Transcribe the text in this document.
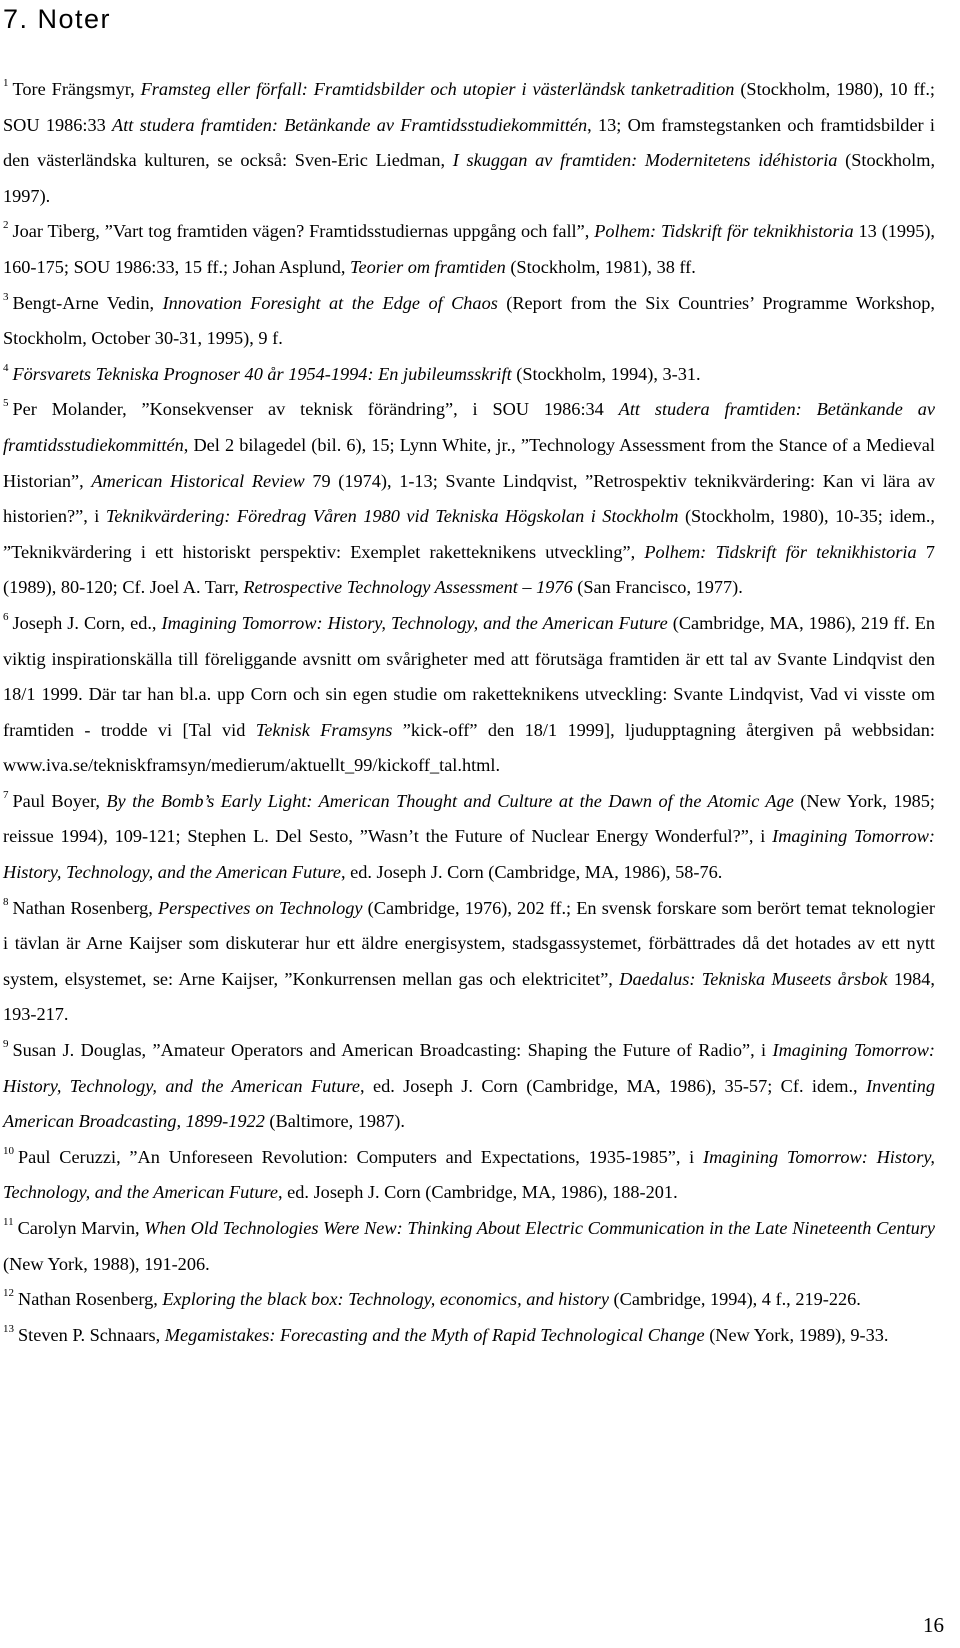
7. Noter

$^1$ Tore Frängsmyr, Framsteg eller förfall: Framtidsbilder och utopier i västerländsk tanketradition (Stockholm, 1980), 10 ff.; SOU 1986:33 Att studera framtiden: Betänkande av Framtidsstudiekommittén, 13; Om framstegstanken och framtidsbilder i den västerländska kulturen, se också: Sven-Eric Liedman, I skuggan av framtiden: Modernitetens idéhistoria (Stockholm, 1997).

$^2$ Joar Tiberg, ”Vart tog framtiden vägen? Framtidsstudiernas uppgång och fall”, Polhem: Tidskrift för teknikhistoria 13 (1995), 160-175; SOU 1986:33, 15 ff.; Johan Asplund, Teorier om framtiden (Stockholm, 1981), 38 ff.

$^3$ Bengt-Arne Vedin, Innovation Foresight at the Edge of Chaos (Report from the Six Countries’ Programme Workshop, Stockholm, October 30-31, 1995), 9 f.

$^4$ Försvarets Tekniska Prognoser 40 år 1954-1994: En jubileumsskrift (Stockholm, 1994), 3-31.

$^5$ Per Molander, ”Konsekvenser av teknisk förändring”, i SOU 1986:34 Att studera framtiden: Betänkande av framtidsstudiekommittén, Del 2 bilagedel (bil. 6), 15; Lynn White, jr., ”Technology Assessment from the Stance of a Medieval Historian”, American Historical Review 79 (1974), 1-13; Svante Lindqvist, ”Retrospektiv teknikvärdering: Kan vi lära av historien?”, i Teknikvärdering: Föredrag Våren 1980 vid Tekniska Högskolan i Stockholm (Stockholm, 1980), 10-35; idem., ”Teknikvärdering i ett historiskt perspektiv: Exemplet raketteknikens utveckling”, Polhem: Tidskrift för teknikhistoria 7 (1989), 80-120; Cf. Joel A. Tarr, Retrospective Technology Assessment – 1976 (San Francisco, 1977).

$^6$ Joseph J. Corn, ed., Imagining Tomorrow: History, Technology, and the American Future (Cambridge, MA, 1986), 219 ff. En viktig inspirationskälla till föreliggande avsnitt om svårigheter med att förutsäga framtiden är ett tal av Svante Lindqvist den 18/1 1999. Där tar han bl.a. upp Corn och sin egen studie om raketteknikens utveckling: Svante Lindqvist, Vad vi visste om framtiden - trodde vi [Tal vid Teknisk Framsyns ”kick-off” den 18/1 1999], ljudupptagning återgiven på webbsidan: www.iva.se/tekniskframsyn/medierum/aktuellt_99/kickoff_tal.html.

$^7$ Paul Boyer, By the Bomb’s Early Light: American Thought and Culture at the Dawn of the Atomic Age (New York, 1985; reissue 1994), 109-121; Stephen L. Del Sesto, ”Wasn’t the Future of Nuclear Energy Wonderful?”, i Imagining Tomorrow: History, Technology, and the American Future, ed. Joseph J. Corn (Cambridge, MA, 1986), 58-76.

$^8$ Nathan Rosenberg, Perspectives on Technology (Cambridge, 1976), 202 ff.; En svensk forskare som berört temat teknologier i tävlan är Arne Kaijser som diskuterar hur ett äldre energisystem, stadsgassystemet, förbättrades då det hotades av ett nytt system, elsystemet, se: Arne Kaijser, ”Konkurrensen mellan gas och elektricitet”, Daedalus: Tekniska Museets årsbok 1984, 193-217.

$^9$ Susan J. Douglas, ”Amateur Operators and American Broadcasting: Shaping the Future of Radio”, i Imagining Tomorrow: History, Technology, and the American Future, ed. Joseph J. Corn (Cambridge, MA, 1986), 35-57; Cf. idem., Inventing American Broadcasting, 1899-1922 (Baltimore, 1987).

$^{10}$ Paul Ceruzzi, ”An Unforeseen Revolution: Computers and Expectations, 1935-1985”, i Imagining Tomorrow: History, Technology, and the American Future, ed. Joseph J. Corn (Cambridge, MA, 1986), 188-201.

$^{11}$ Carolyn Marvin, When Old Technologies Were New: Thinking About Electric Communication in the Late Nineteenth Century (New York, 1988), 191-206.

$^{12}$ Nathan Rosenberg, Exploring the black box: Technology, economics, and history (Cambridge, 1994), 4 f., 219-226.

$^{13}$ Steven P. Schnaars, Megamistakes: Forecasting and the Myth of Rapid Technological Change (New York, 1989), 9-33.

16
